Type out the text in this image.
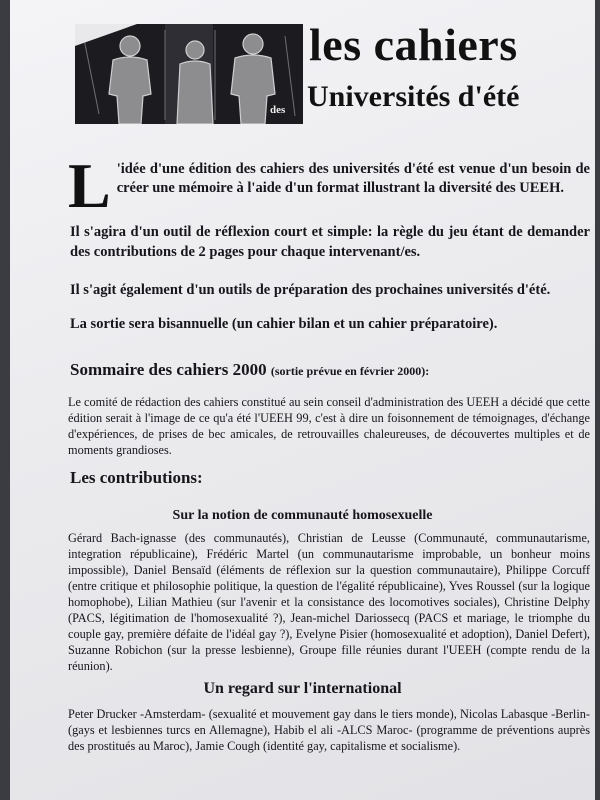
les cahiers
des Universités d'été
L 'idée d'une édition des cahiers des universités d'été est venue d'un besoin de créer une mémoire à l'aide d'un format illustrant la diversité des UEEH.

Il s'agira d'un outil de réflexion court et simple: la règle du jeu étant de demander des contributions de 2 pages pour chaque intervenant/es.

Il s'agit également d'un outils de préparation des prochaines universités d'été.

La sortie sera bisannuelle (un cahier bilan et un cahier préparatoire).

Sommaire des cahiers 2000 (sortie prévue en février 2000):

Le comité de rédaction des cahiers constitué au sein conseil d'administration des UEEH a décidé que cette édition serait à l'image de ce qu'a été l'UEEH 99, c'est à dire un foisonnement de témoignages, d'échange d'expériences, de prises de bec amicales, de retrouvailles chaleureuses, de découvertes multiples et de moments grandioses.

Les contributions:
Sur la notion de communauté homosexuelle

Gérard Bach-ignasse (des communautés), Christian de Leusse (Communauté, communautarisme, integration républicaine), Frédéric Martel (un communautarisme improbable, un bonheur moins impossible), Daniel Bensaïd (éléments de réflexion sur la question communautaire), Philippe Corcuff (entre critique et philosophie politique, la question de l'égalité républicaine), Yves Roussel (sur la logique homophobe), Lilian Mathieu (sur l'avenir et la consistance des locomotives sociales), Christine Delphy (PACS, légitimation de l'homosexualité ?), Jean-michel Dariosseсq (PACS et mariage, le triomphe du couple gay, première défaite de l'idéal gay ?), Evelyne Pisier (homosexualité et adoption), Daniel Defert), Suzanne Robichon (sur la presse lesbienne), Groupe fille réunies durant l'UEEH (compte rendu de la réunion).

Un regard sur l'international

Peter Drucker -Amsterdam- (sexualité et mouvement gay dans le tiers monde), Nicolas Labasque -Berlin- (gays et lesbiennes turcs en Allemagne), Habib el ali -ALCS Maroc- (programme de préventions auprès des prostitués au Maroc), Jamie Cough (identité gay, capitalisme et socialisme).
